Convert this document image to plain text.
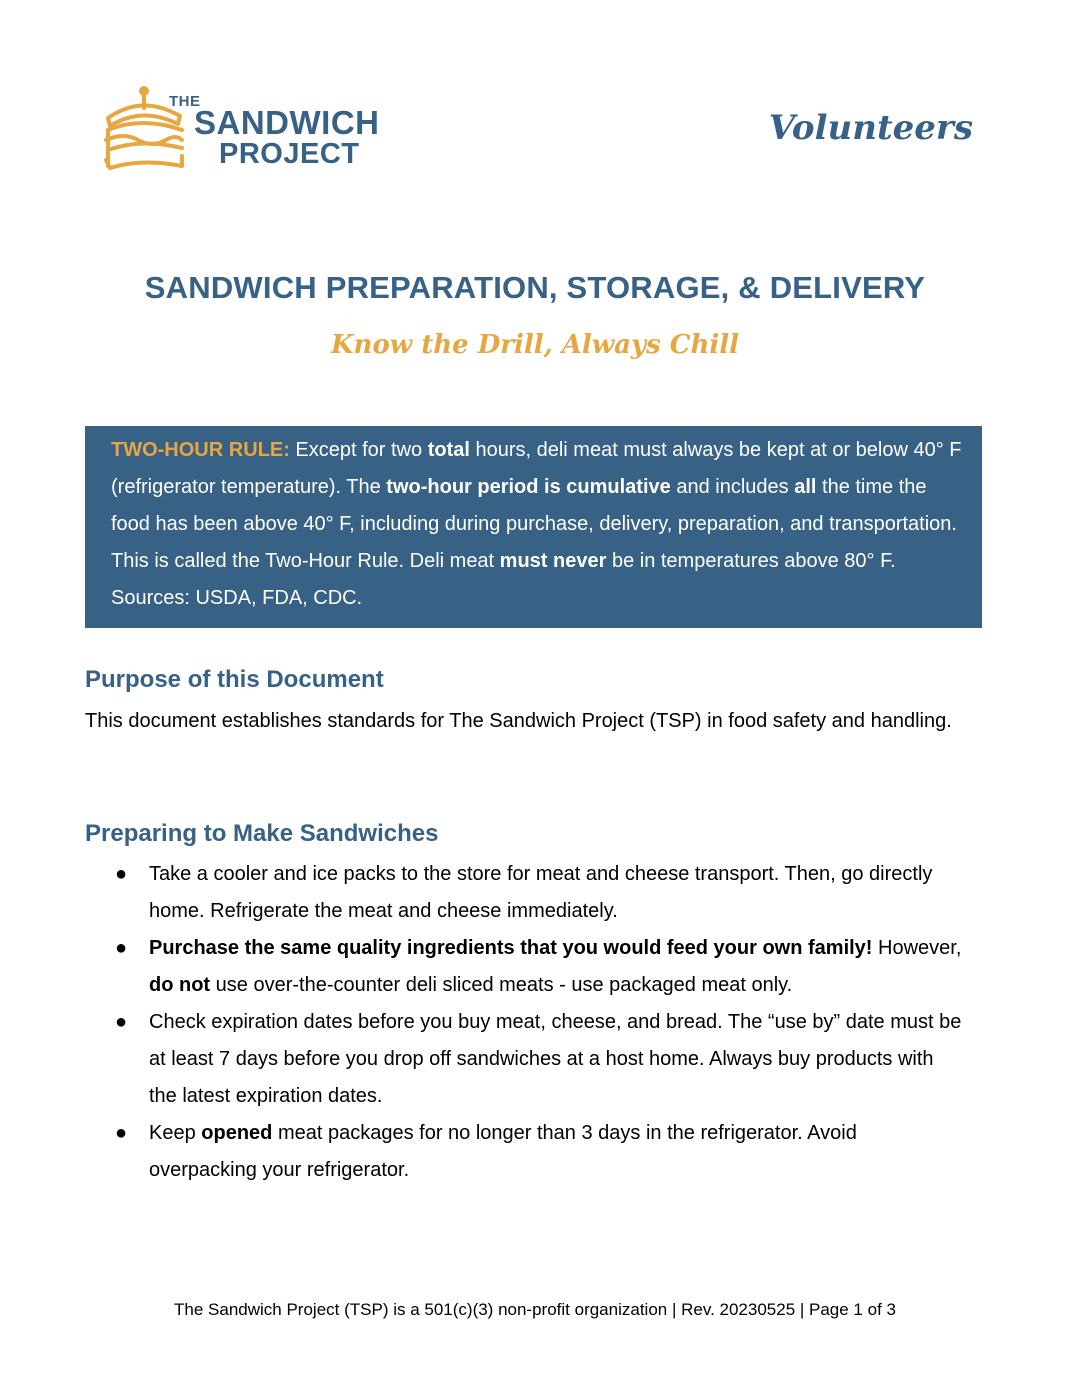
THE
SANDWICH
PROJECT
Volunteers
SANDWICH PREPARATION, STORAGE, & DELIVERY
Know the Drill, Always Chill
TWO-HOUR RULE: Except for two total hours, deli meat must always be kept at or below 40° F (refrigerator temperature). The two-hour period is cumulative and includes all the time the food has been above 40° F, including during purchase, delivery, preparation, and transportation. This is called the Two-Hour Rule. Deli meat must never be in temperatures above 80° F. Sources: USDA, FDA, CDC.
Purpose of this Document
This document establishes standards for The Sandwich Project (TSP) in food safety and handling.
Preparing to Make Sandwiches
● Take a cooler and ice packs to the store for meat and cheese transport. Then, go directly home. Refrigerate the meat and cheese immediately.
● Purchase the same quality ingredients that you would feed your own family! However, do not use over-the-counter deli sliced meats - use packaged meat only.
● Check expiration dates before you buy meat, cheese, and bread. The “use by” date must be at least 7 days before you drop off sandwiches at a host home. Always buy products with the latest expiration dates.
● Keep opened meat packages for no longer than 3 days in the refrigerator. Avoid overpacking your refrigerator.
The Sandwich Project (TSP) is a 501(c)(3) non-profit organization | Rev. 20230525 | Page 1 of 3
